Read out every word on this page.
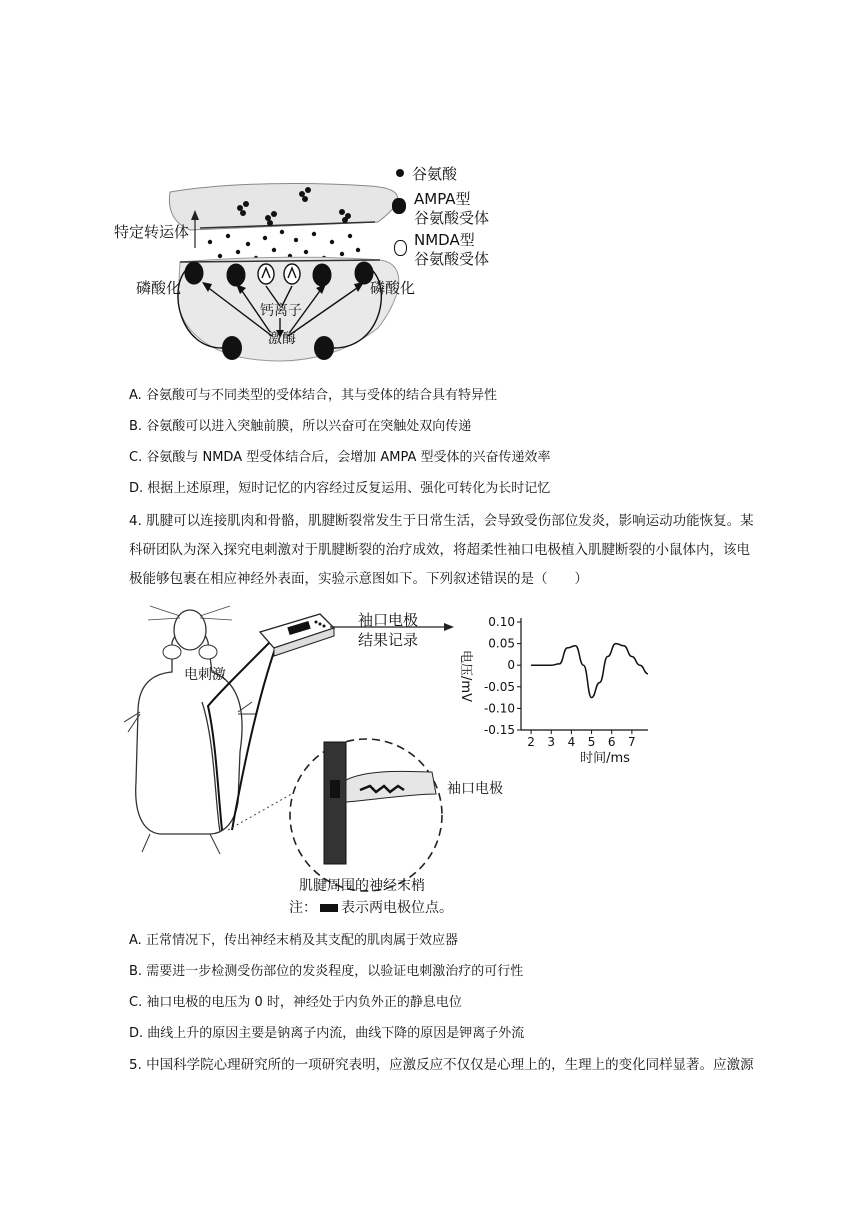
特定转运体
磷酸化	磷酸化
钙离子
激酶
谷氨酸
AMPA型
谷氨酸受体
NMDA型
谷氨酸受体
A. 谷氨酸可与不同类型的受体结合，其与受体的结合具有特异性
B. 谷氨酸可以进入突触前膜，所以兴奋可在突触处双向传递
C. 谷氨酸与 NMDA 型受体结合后，会增加 AMPA 型受体的兴奋传递效率
D. 根据上述原理，短时记忆的内容经过反复运用、强化可转化为长时记忆
4. 肌腱可以连接肌肉和骨骼，肌腱断裂常发生于日常生活，会导致受伤部位发炎，影响运动功能恢复。某
科研团队为深入探究电刺激对于肌腱断裂的治疗成效，将超柔性袖口电极植入肌腱断裂的小鼠体内，该电
极能够包裹在相应神经外表面，实验示意图如下。下列叙述错误的是（　　）
袖口电极
结果记录
电刺激
袖口电极
肌腱周围的神经末梢
注： 表示两电极位点。
0.10
0.05
0
-0.05
-0.10
-0.15
2 3 4 5 6 7
电压/mV
时间/ms
A. 正常情况下，传出神经末梢及其支配的肌肉属于效应器
B. 需要进一步检测受伤部位的发炎程度，以验证电刺激治疗的可行性
C. 袖口电极的电压为 0 时，神经处于内负外正的静息电位
D. 曲线上升的原因主要是钠离子内流，曲线下降的原因是钾离子外流
5. 中国科学院心理研究所的一项研究表明，应激反应不仅仅是心理上的，生理上的变化同样显著。应激源
